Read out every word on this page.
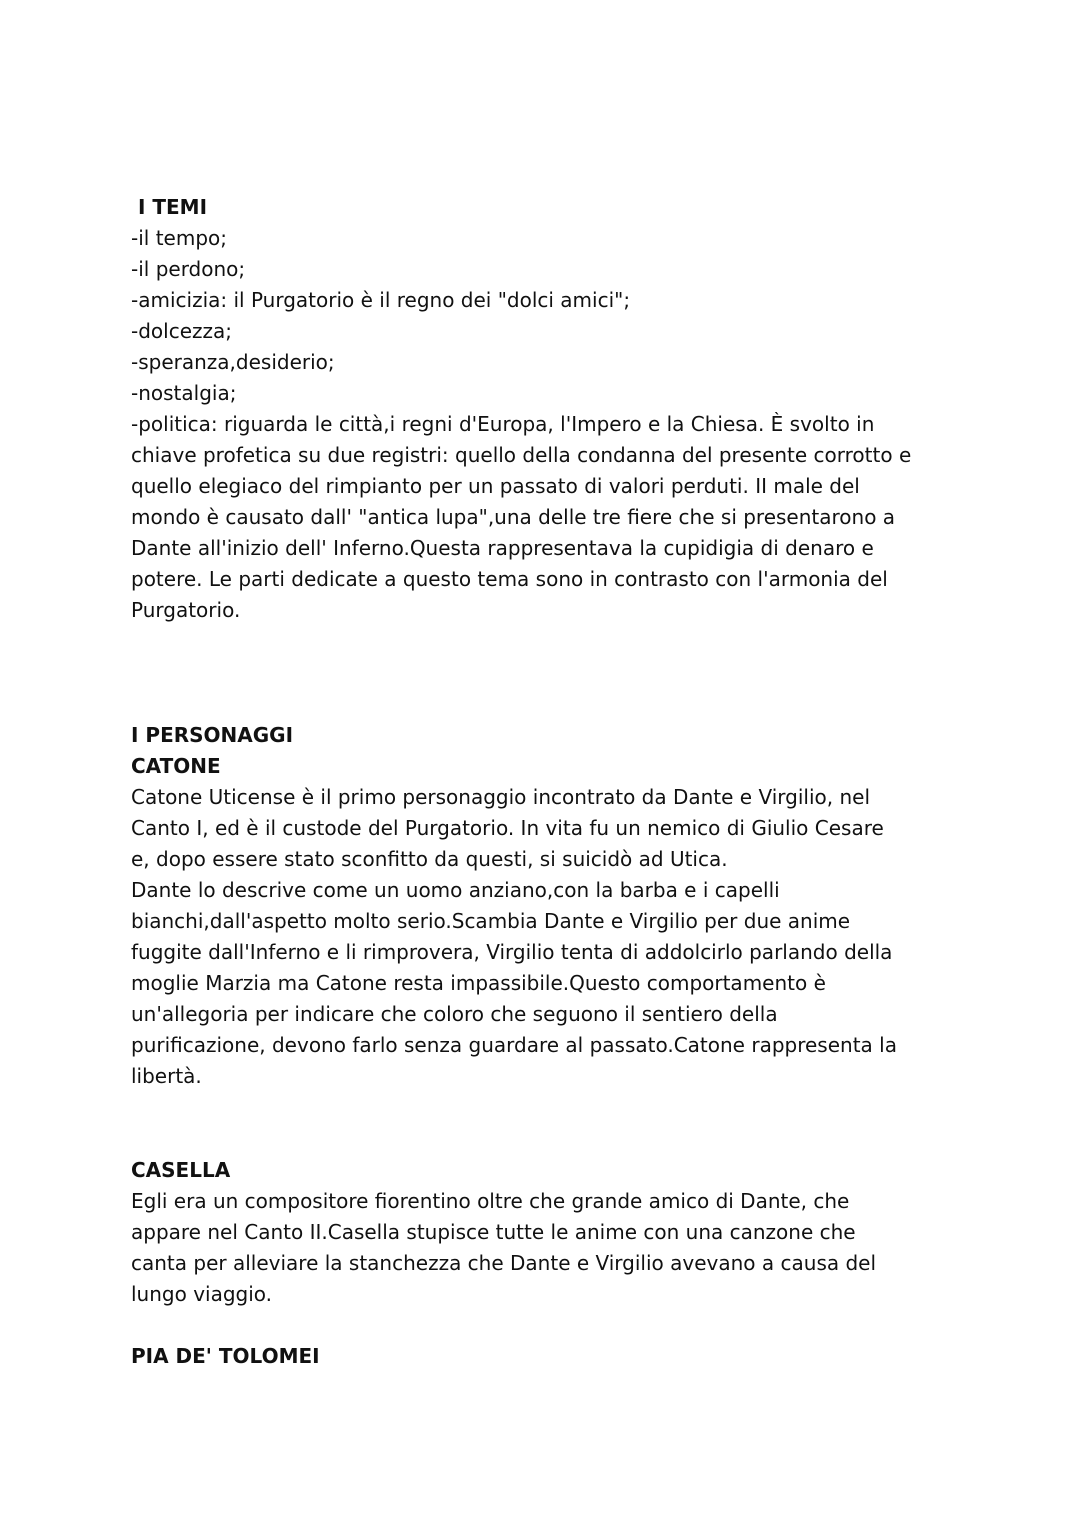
I TEMI

-il tempo;

-il perdono;

-amicizia: il Purgatorio è il regno dei "dolci amici";

-dolcezza;

-speranza,desiderio;

-nostalgia;

-politica: riguarda le città,i regni d'Europa, l'Impero e la Chiesa. È svolto in
chiave profetica su due registri: quello della condanna del presente corrotto e
quello elegiaco del rimpianto per un passato di valori perduti. II male del
mondo è causato dall' "antica lupa",una delle tre fiere che si presentarono a
Dante all'inizio dell' Inferno.Questa rappresentava la cupidigia di denaro e
potere. Le parti dedicate a questo tema sono in contrasto con l'armonia del
Purgatorio.

I PERSONAGGI

CATONE

Catone Uticense è il primo personaggio incontrato da Dante e Virgilio, nel
Canto I, ed è il custode del Purgatorio. In vita fu un nemico di Giulio Cesare
e, dopo essere stato sconfitto da questi, si suicidò ad Utica.
Dante lo descrive come un uomo anziano,con la barba e i capelli
bianchi,dall'aspetto molto serio.Scambia Dante e Virgilio per due anime
fuggite dall'Inferno e li rimprovera, Virgilio tenta di addolcirlo parlando della
moglie Marzia ma Catone resta impassibile.Questo comportamento è
un'allegoria per indicare che coloro che seguono il sentiero della
purificazione, devono farlo senza guardare al passato.Catone rappresenta la
libertà.

CASELLA

Egli era un compositore fiorentino oltre che grande amico di Dante, che
appare nel Canto II.Casella stupisce tutte le anime con una canzone che
canta per alleviare la stanchezza che Dante e Virgilio avevano a causa del
lungo viaggio.

PIA DE' TOLOMEI
